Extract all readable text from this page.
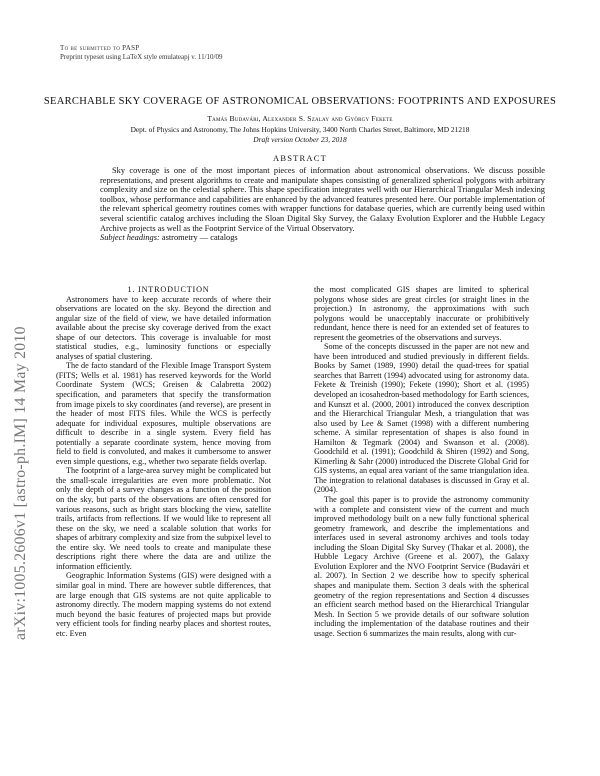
To be submitted to PASP
Preprint typeset using LaTeX style emulateapj v. 11/10/09
arXiv:1005.2606v1 [astro-ph.IM] 14 May 2010
SEARCHABLE SKY COVERAGE OF ASTRONOMICAL OBSERVATIONS: FOOTPRINTS AND EXPOSURES
Tamás Budavári, Alexander S. Szalay and György Fekete
Dept. of Physics and Astronomy, The Johns Hopkins University, 3400 North Charles Street, Baltimore, MD 21218
Draft version October 23, 2018
ABSTRACT

Sky coverage is one of the most important pieces of information about astronomical observations. We discuss possible representations, and present algorithms to create and manipulate shapes consisting of generalized spherical polygons with arbitrary complexity and size on the celestial sphere. This shape specification integrates well with our Hierarchical Triangular Mesh indexing toolbox, whose performance and capabilities are enhanced by the advanced features presented here. Our portable implementation of the relevant spherical geometry routines comes with wrapper functions for database queries, which are currently being used within several scientific catalog archives including the Sloan Digital Sky Survey, the Galaxy Evolution Explorer and the Hubble Legacy Archive projects as well as the Footprint Service of the Virtual Observatory.

Subject headings: astrometry — catalogs

1. INTRODUCTION

Astronomers have to keep accurate records of where their observations are located on the sky. Beyond the direction and angular size of the field of view, we have detailed information available about the precise sky coverage derived from the exact shape of our detectors. This coverage is invaluable for most statistical studies, e.g., luminosity functions or especially analyses of spatial clustering.

The de facto standard of the Flexible Image Transport System (FITS; Wells et al. 1981) has reserved keywords for the World Coordinate System (WCS; Greisen & Calabretta 2002) specification, and parameters that specify the transformation from image pixels to sky coordinates (and reverse), are present in the header of most FITS files. While the WCS is perfectly adequate for individual exposures, multiple observations are difficult to describe in a single system. Every field has potentially a separate coordinate system, hence moving from field to field is convoluted, and makes it cumbersome to answer even simple questions, e.g., whether two separate fields overlap.

The footprint of a large-area survey might be complicated but the small-scale irregularities are even more problematic. Not only the depth of a survey changes as a function of the position on the sky, but parts of the observations are often censored for various reasons, such as bright stars blocking the view, satellite trails, artifacts from reflections. If we would like to represent all these on the sky, we need a scalable solution that works for shapes of arbitrary complexity and size from the subpixel level to the entire sky. We need tools to create and manipulate these descriptions right there where the data are and utilize the information efficiently.

Geographic Information Systems (GIS) were designed with a similar goal in mind. There are however subtle differences, that are large enough that GIS systems are not quite applicable to astronomy directly. The modern mapping systems do not extend much beyond the basic features of projected maps but provide very efficient tools for finding nearby places and shortest routes, etc. Even

the most complicated GIS shapes are limited to spherical polygons whose sides are great circles (or straight lines in the projection.) In astronomy, the approximations with such polygons would be unacceptably inaccurate or prohibitively redundant, hence there is need for an extended set of features to represent the geometries of the observations and surveys.

Some of the concepts discussed in the paper are not new and have been introduced and studied previously in different fields. Books by Samet (1989, 1990) detail the quad-trees for spatial searches that Barrett (1994) advocated using for astronomy data. Fekete & Treinish (1990); Fekete (1990); Short et al. (1995) developed an icosahedron-based methodology for Earth sciences, and Kunszt et al. (2000, 2001) introduced the convex description and the Hierarchical Triangular Mesh, a triangulation that was also used by Lee & Samet (1998) with a different numbering scheme. A similar representation of shapes is also found in Hamilton & Tegmark (2004) and Swanson et al. (2008). Goodchild et al. (1991); Goodchild & Shiren (1992) and Song, Kimerling & Sahr (2000) introduced the Discrete Global Grid for GIS systems, an equal area variant of the same triangulation idea. The integration to relational databases is discussed in Gray et al. (2004).

The goal this paper is to provide the astronomy community with a complete and consistent view of the current and much improved methodology built on a new fully functional spherical geometry framework, and describe the implementations and interfaces used in several astronomy archives and tools today including the Sloan Digital Sky Survey (Thakar et al. 2008), the Hubble Legacy Archive (Greene et al. 2007), the Galaxy Evolution Explorer and the NVO Footprint Service (Budavári et al. 2007). In Section 2 we describe how to specify spherical shapes and manipulate them. Section 3 deals with the spherical geometry of the region representations and Section 4 discusses an efficient search method based on the Hierarchical Triangular Mesh. In Section 5 we provide details of our software solution including the implementation of the database routines and their usage. Section 6 summarizes the main results, along with cur-
